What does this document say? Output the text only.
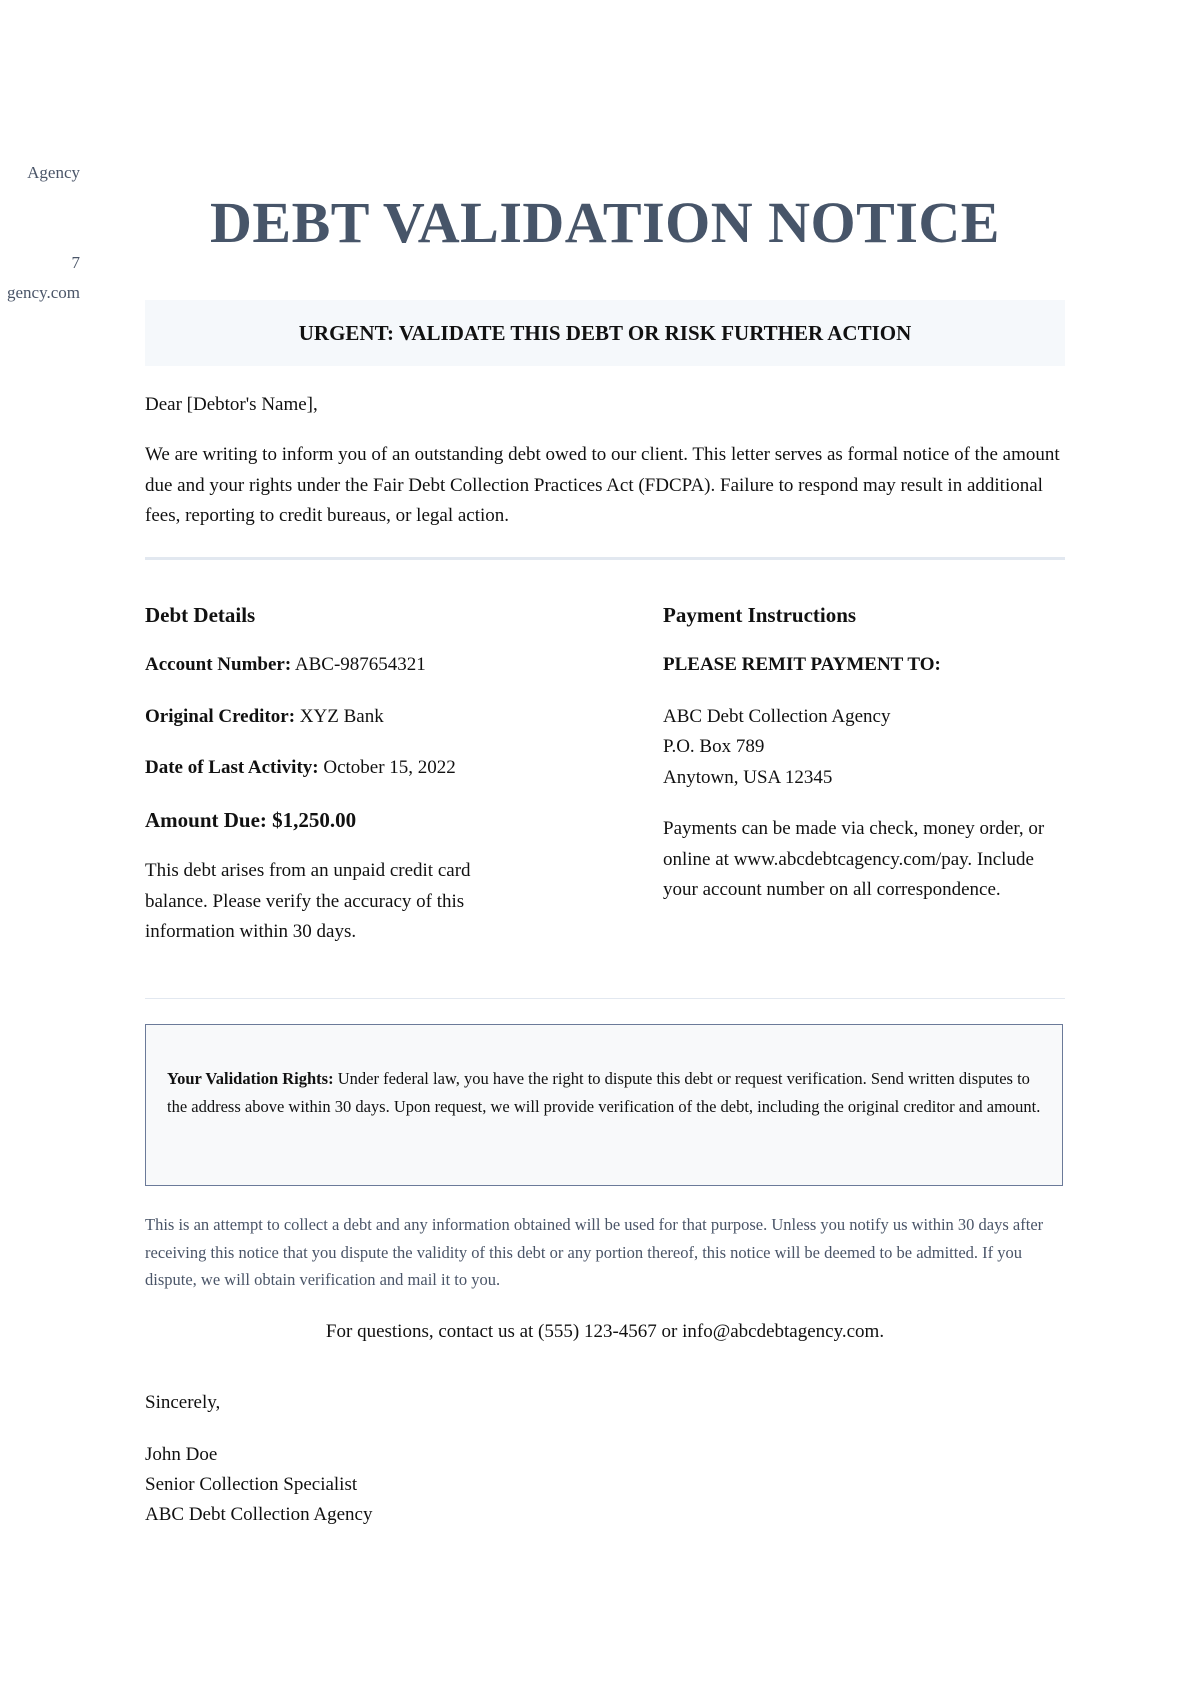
Agency

7
gency.com
DEBT VALIDATION NOTICE
URGENT: VALIDATE THIS DEBT OR RISK FURTHER ACTION
Dear [Debtor's Name],
We are writing to inform you of an outstanding debt owed to our client. This letter serves as formal notice of the amount due and your rights under the Fair Debt Collection Practices Act (FDCPA). Failure to respond may result in additional fees, reporting to credit bureaus, or legal action.
Debt Details

Account Number: ABC-987654321

Original Creditor: XYZ Bank

Date of Last Activity: October 15, 2022

Amount Due: $1,250.00

This debt arises from an unpaid credit card balance. Please verify the accuracy of this information within 30 days.

Payment Instructions

PLEASE REMIT PAYMENT TO:

ABC Debt Collection Agency
P.O. Box 789
Anytown, USA 12345

Payments can be made via check, money order, or online at www.abcdebtcagency.com/pay. Include your account number on all correspondence.

Your Validation Rights: Under federal law, you have the right to dispute this debt or request verification. Send written disputes to the address above within 30 days. Upon request, we will provide verification of the debt, including the original creditor and amount.
This is an attempt to collect a debt and any information obtained will be used for that purpose. Unless you notify us within 30 days after receiving this notice that you dispute the validity of this debt or any portion thereof, this notice will be deemed to be admitted. If you dispute, we will obtain verification and mail it to you.
For questions, contact us at (555) 123-4567 or info@abcdebtagency.com.
Sincerely,
John Doe
Senior Collection Specialist
ABC Debt Collection Agency
